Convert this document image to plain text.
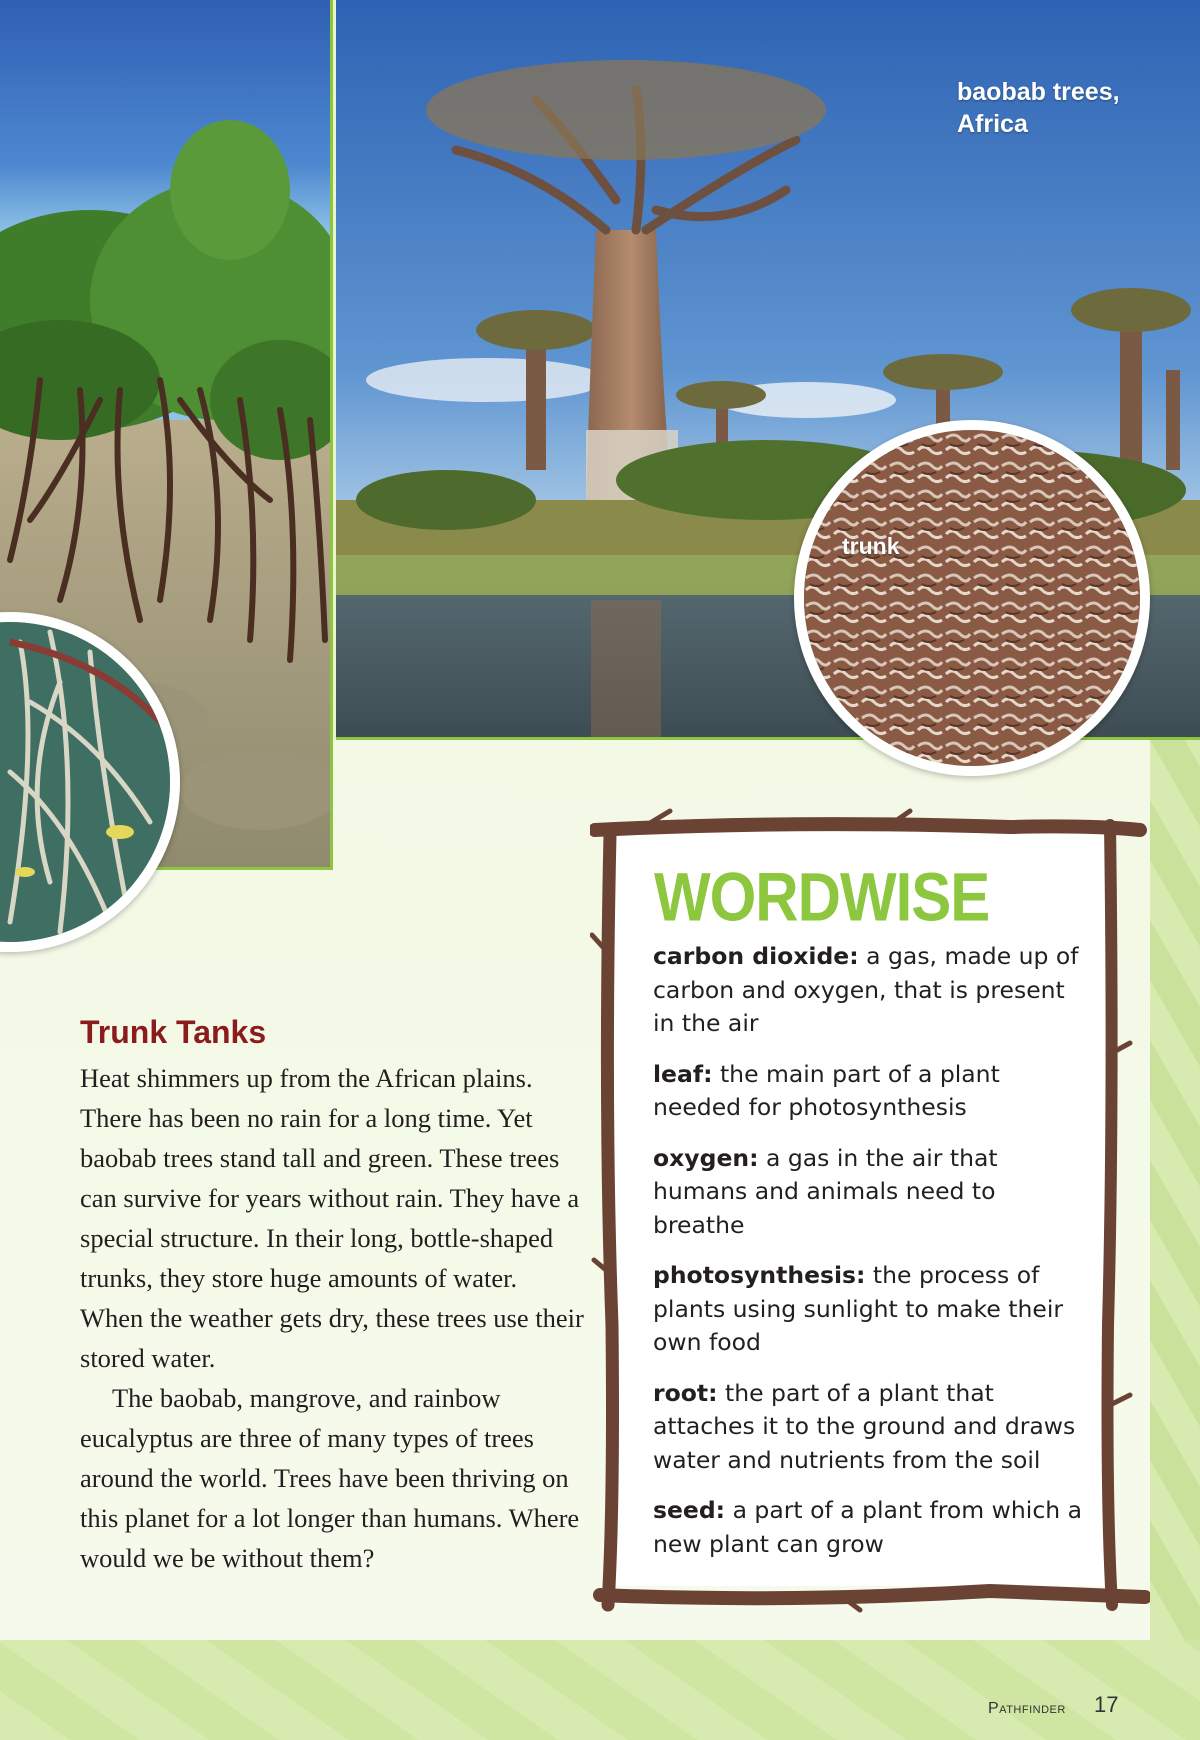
baobab trees,
Africa
trunk
Trunk Tanks

Heat shimmers up from the African plains. There has been no rain for a long time. Yet baobab trees stand tall and green. These trees can survive for years without rain. They have a special structure. In their long, bottle-shaped trunks, they store huge amounts of water. When the weather gets dry, these trees use their stored water.

The baobab, mangrove, and rainbow eucalyptus are three of many types of trees around the world. Trees have been thriving on this planet for a lot longer than humans. Where would we be without them?

WORDWISE
carbon dioxide: a gas, made up of carbon and oxygen, that is present in the air
leaf: the main part of a plant needed for photosynthesis
oxygen: a gas in the air that humans and animals need to breathe
photosynthesis: the process of plants using sunlight to make their own food
root: the part of a plant that attaches it to the ground and draws water and nutrients from the soil
seed: a part of a plant from which a new plant can grow
Pathfinder 17
